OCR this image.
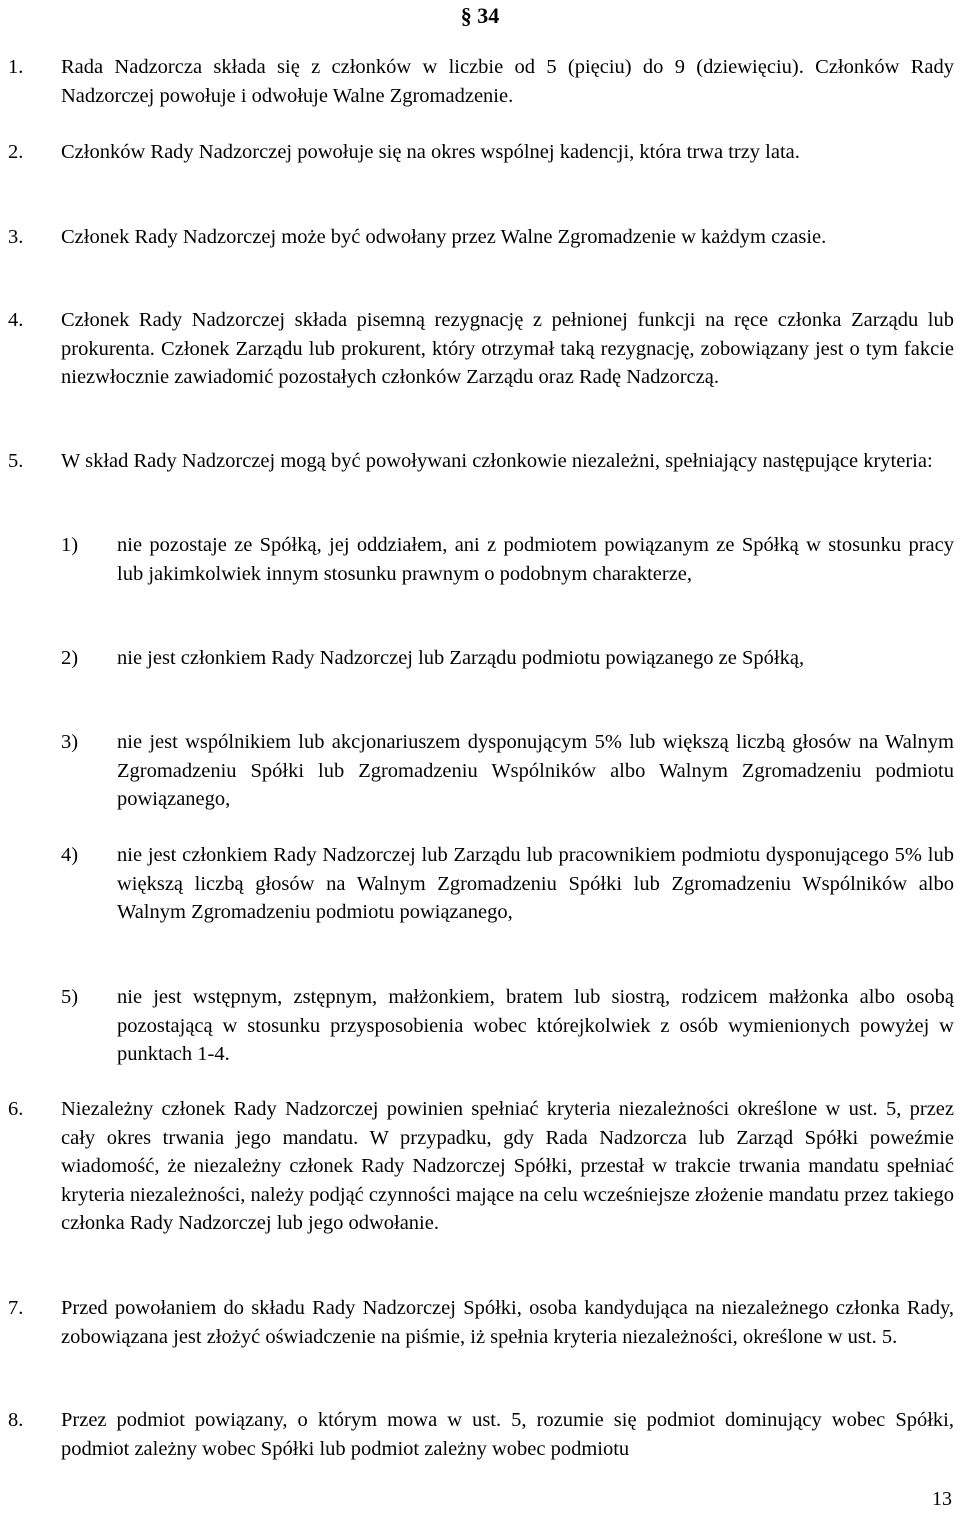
§ 34
1. Rada Nadzorcza składa się z członków w liczbie od 5 (pięciu) do 9 (dziewięciu). Członków Rady Nadzorczej powołuje i odwołuje Walne Zgromadzenie.
2. Członków Rady Nadzorczej powołuje się na okres wspólnej kadencji, która trwa trzy lata.
3. Członek Rady Nadzorczej może być odwołany przez Walne Zgromadzenie w każdym czasie.
4. Członek Rady Nadzorczej składa pisemną rezygnację z pełnionej funkcji na ręce członka Zarządu lub prokurenta. Członek Zarządu lub prokurent, który otrzymał taką rezygnację, zobowiązany jest o tym fakcie niezwłocznie zawiadomić pozostałych członków Zarządu oraz Radę Nadzorczą.
5. W skład Rady Nadzorczej mogą być powoływani członkowie niezależni, spełniający następujące kryteria:
1) nie pozostaje ze Spółką, jej oddziałem, ani z podmiotem powiązanym ze Spółką w stosunku pracy lub jakimkolwiek innym stosunku prawnym o podobnym charakterze,
2) nie jest członkiem Rady Nadzorczej lub Zarządu podmiotu powiązanego ze Spółką,
3) nie jest wspólnikiem lub akcjonariuszem dysponującym 5% lub większą liczbą głosów na Walnym Zgromadzeniu Spółki lub Zgromadzeniu Wspólników albo Walnym Zgromadzeniu podmiotu powiązanego,
4) nie jest członkiem Rady Nadzorczej lub Zarządu lub pracownikiem podmiotu dysponującego 5% lub większą liczbą głosów na Walnym Zgromadzeniu Spółki lub Zgromadzeniu Wspólników albo Walnym Zgromadzeniu podmiotu powiązanego,
5) nie jest wstępnym, zstępnym, małżonkiem, bratem lub siostrą, rodzicem małżonka albo osobą pozostającą w stosunku przysposobienia wobec którejkolwiek z osób wymienionych powyżej w punktach 1-4.
6. Niezależny członek Rady Nadzorczej powinien spełniać kryteria niezależności określone w ust. 5, przez cały okres trwania jego mandatu. W przypadku, gdy Rada Nadzorcza lub Zarząd Spółki poweźmie wiadomość, że niezależny członek Rady Nadzorczej Spółki, przestał w trakcie trwania mandatu spełniać kryteria niezależności, należy podjąć czynności mające na celu wcześniejsze złożenie mandatu przez takiego członka Rady Nadzorczej lub jego odwołanie.
7. Przed powołaniem do składu Rady Nadzorczej Spółki, osoba kandydująca na niezależnego członka Rady, zobowiązana jest złożyć oświadczenie na piśmie, iż spełnia kryteria niezależności, określone w ust. 5.
8. Przez podmiot powiązany, o którym mowa w ust. 5, rozumie się podmiot dominujący wobec Spółki, podmiot zależny wobec Spółki lub podmiot zależny wobec podmiotu
13
